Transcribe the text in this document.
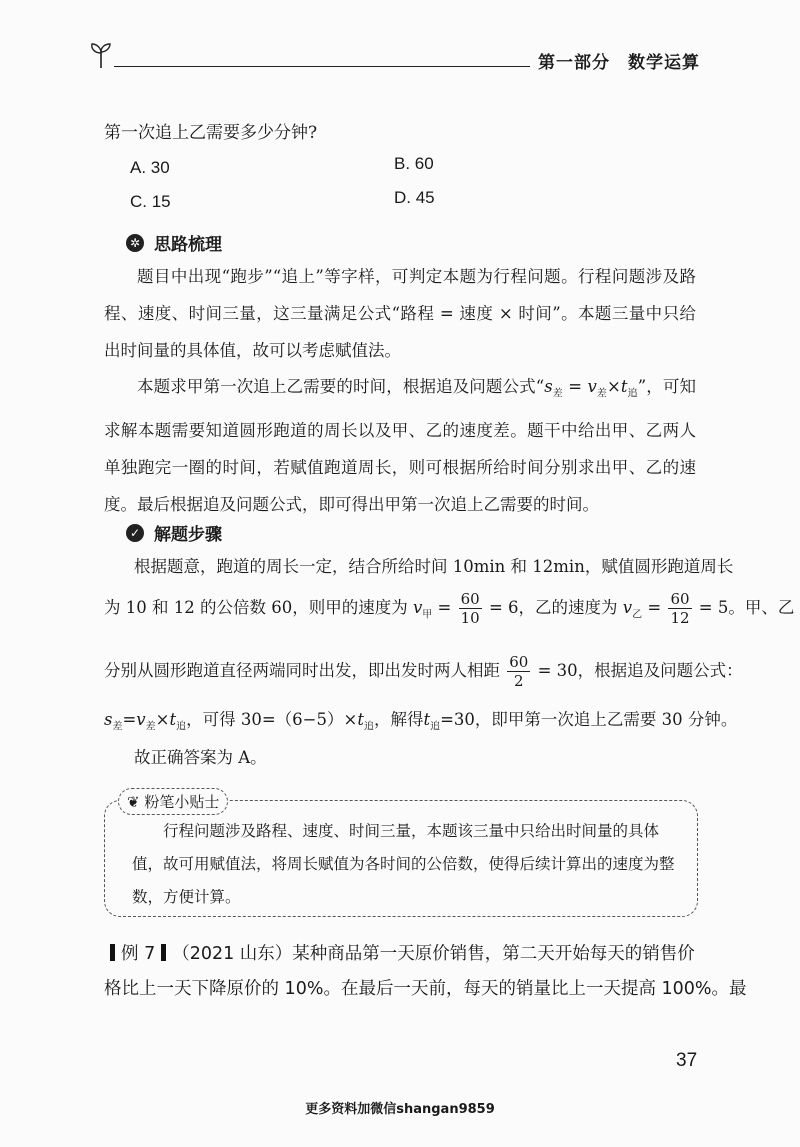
第一部分　数学运算
第一次追上乙需要多少分钟?
A. 30	B. 60
C. 15	D. 45
✲ 思路梳理

题目中出现“跑步”“追上”等字样，可判定本题为行程问题。行程问题涉及路程、速度、时间三量，这三量满足公式“路程 = 速度 × 时间”。本题三量中只给出时间量的具体值，故可以考虑赋值法。

本题求甲第一次追上乙需要的时间，根据追及问题公式“$s_差 = v_差\times t_追$”，可知求解本题需要知道圆形跑道的周长以及甲、乙的速度差。题干中给出甲、乙两人单独跑完一圈的时间，若赋值跑道周长，则可根据所给时间分别求出甲、乙的速度。最后根据追及问题公式，即可得出甲第一次追上乙需要的时间。

✓ 解题步骤
根据题意，跑道的周长一定，结合所给时间 10min 和 12min，赋值圆形跑道周长
为 10 和 12 的公倍数 60，则甲的速度为 $v_甲 = \frac{60}{10} = 6$，乙的速度为 $v_乙 = \frac{60}{12} = 5$。甲、乙
分别从圆形跑道直径两端同时出发，即出发时两人相距 $\frac{60}{2} = 30$，根据追及问题公式：
$s_差=v_差\times t_追$，可得 $30=(6-5)\times t_追$，解得$t_追=30$，即甲第一次追上乙需要 30 分钟。
故正确答案为 A。
❦ 粉笔小贴士

行程问题涉及路程、速度、时间三量，本题该三量中只给出时间量的具体值，故可用赋值法，将周长赋值为各时间的公倍数，使得后续计算出的速度为整数，方便计算。

例 7 （2021 山东）某种商品第一天原价销售，第二天开始每天的销售价
格比上一天下降原价的 10%。在最后一天前，每天的销量比上一天提高 100%。最
37
更多资料加微信shangan9859
